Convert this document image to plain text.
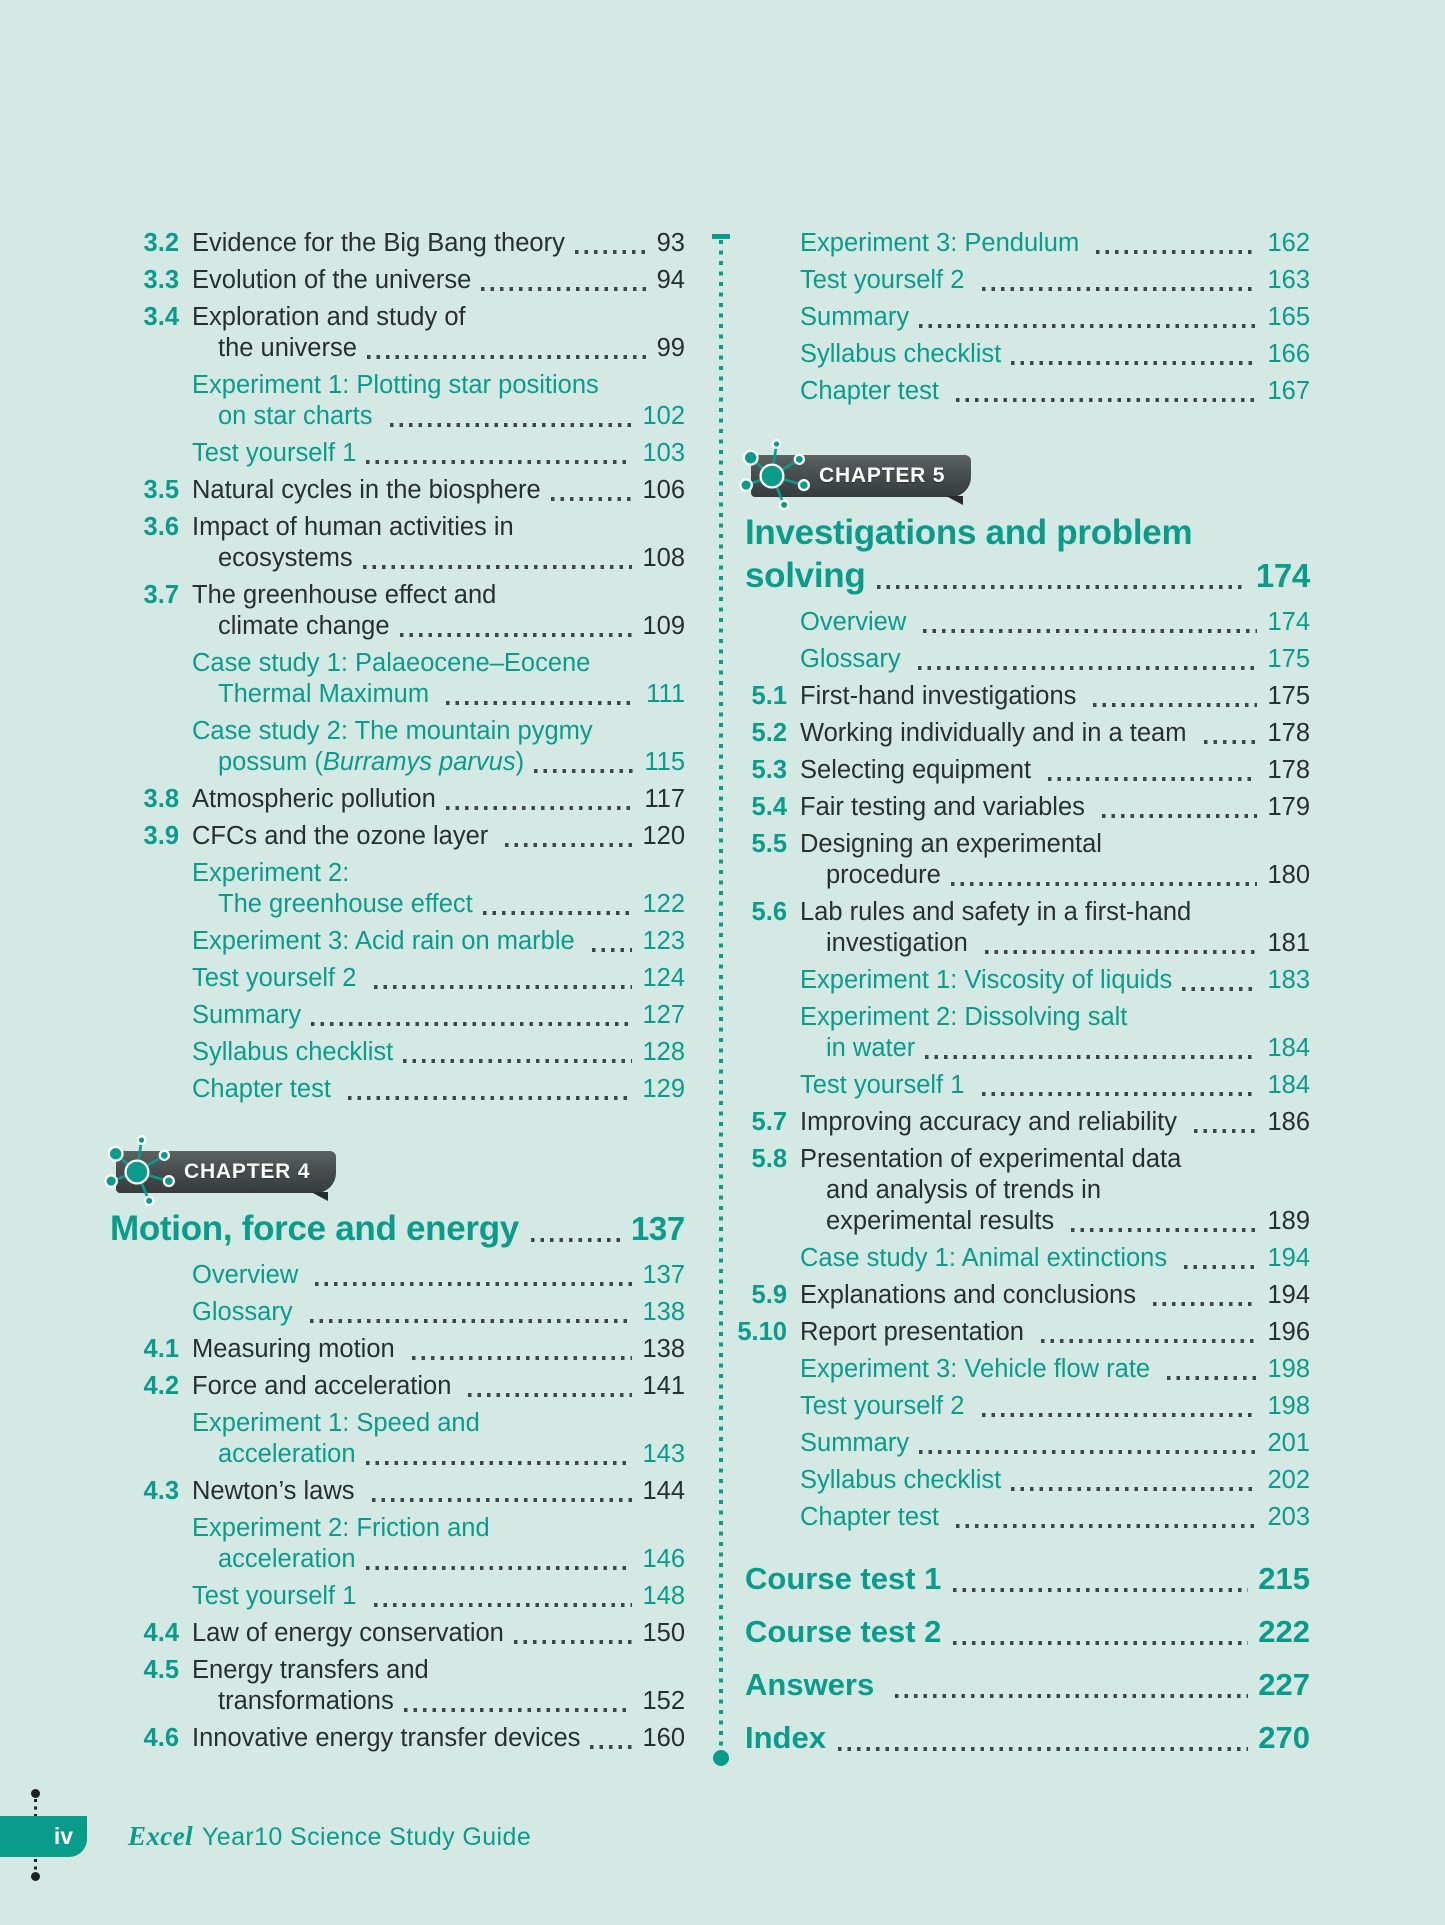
3.2 Evidence for the Big Bang theory	93
3.3 Evolution of the universe	94
3.4 Exploration and study of
the universe	99
Experiment 1: Plotting star positions
on star charts	102
Test yourself 1	103
3.5 Natural cycles in the biosphere	106
3.6 Impact of human activities in
ecosystems	108
3.7 The greenhouse effect and
climate change	109
Case study 1: Palaeocene–Eocene
Thermal Maximum	111
Case study 2: The mountain pygmy
possum ( Burramys parvus )	115
3.8 Atmospheric pollution	117
3.9 CFCs and the ozone layer	120
Experiment 2:
The greenhouse effect	122
Experiment 3: Acid rain on marble 123
Test yourself 2	124
Summary	127
Syllabus checklist	128
Chapter test	129
CHAPTER 4
Motion, force and energy	137
Overview	137
Glossary	138
4.1 Measuring motion	138
4.2 Force and acceleration	141
Experiment 1: Speed and
acceleration	143
4.3 Newton’s laws	144
Experiment 2: Friction and
acceleration	146
Test yourself 1	148
4.4 Law of energy conservation	150
4.5 Energy transfers and
transformations	152
4.6 Innovative energy transfer devices 160
Experiment 3: Pendulum	162
Test yourself 2	163
Summary	165
Syllabus checklist	166
Chapter test	167
CHAPTER 5
Investigations and problem
solving	174
Overview	174
Glossary	175
5.1 First-hand investigations	175
5.2 Working individually and in a team	178
5.3 Selecting equipment	178
5.4 Fair testing and variables	179
5.5 Designing an experimental
procedure	180
5.6 Lab rules and safety in a first-hand
investigation	181
Experiment 1: Viscosity of liquids	183
Experiment 2: Dissolving salt
in water	184
Test yourself 1	184
5.7 Improving accuracy and reliability	186
5.8 Presentation of experimental data
and analysis of trends in
experimental results	189
Case study 1: Animal extinctions	194
5.9 Explanations and conclusions	194
5.10 Report presentation	196
Experiment 3: Vehicle flow rate	198
Test yourself 2	198
Summary	201
Syllabus checklist	202
Chapter test	203
Course test 1	215
Course test 2	222
Answers	227
Index	270
iv Excel Year10 Science Study Guide
